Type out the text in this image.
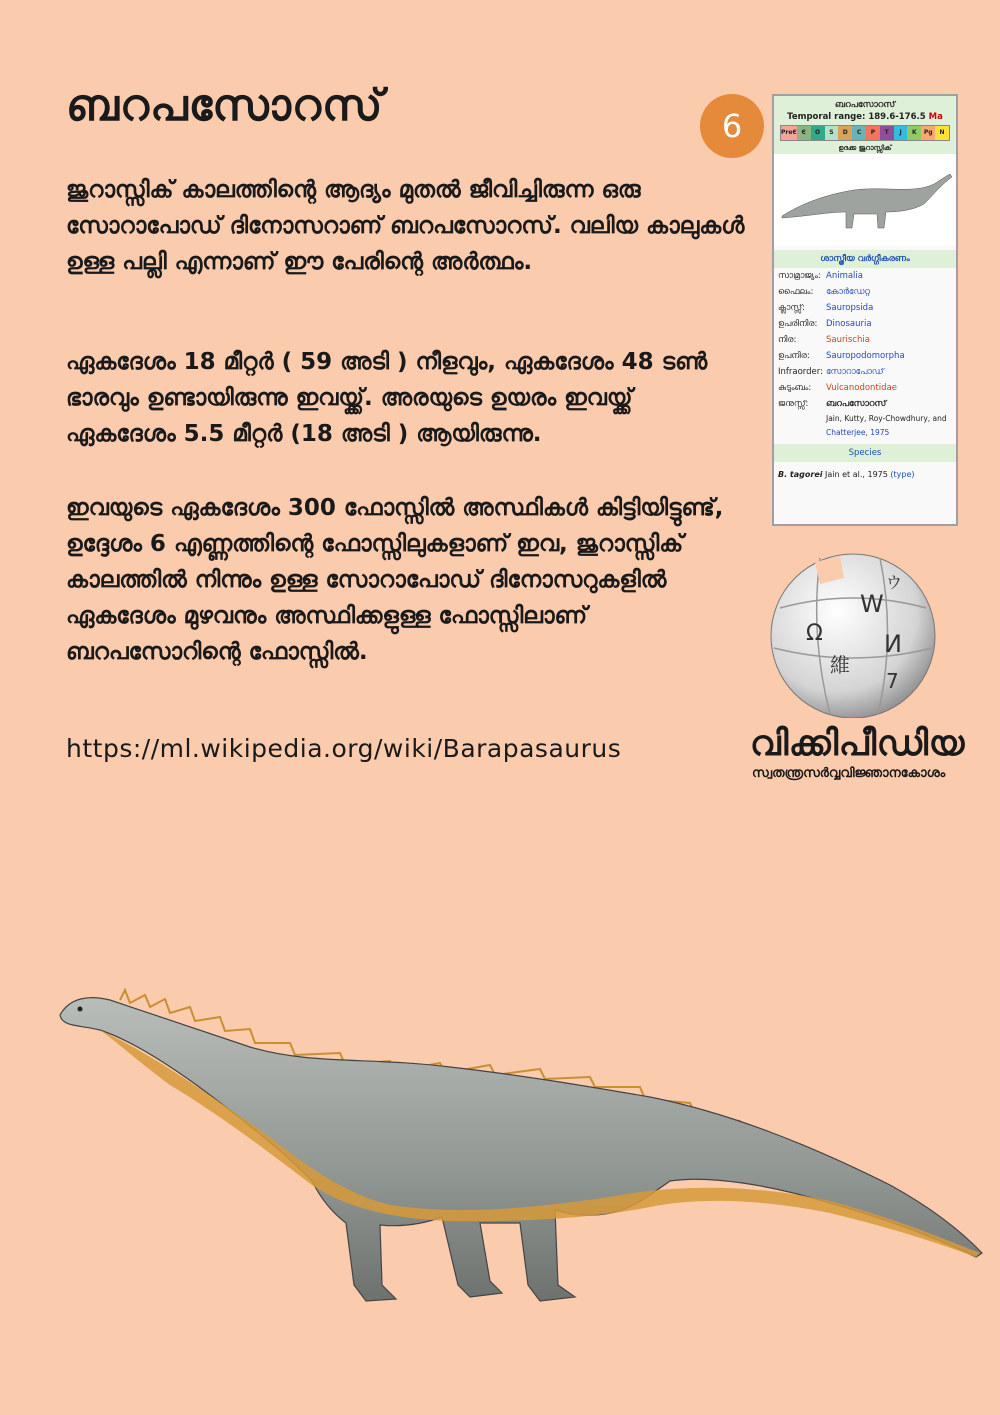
ബറപസോറസ്	6
ജുറാസ്സിക് കാലത്തിന്റെ ആദ്യം മുതൽ ജീവിച്ചിരുന്ന ഒരു സോറാപോഡ് ദിനോസറാണ് ബറപസോറസ്. വലിയ കാലുകൾ ഉള്ള പല്ലി എന്നാണ് ഈ പേരിന്റെ അർത്ഥം.
ഏകദേശം 18 മീറ്റർ ( 59 അടി ) നീളവും, ഏകദേശം 48 ടൺ ഭാരവും ഉണ്ടായിരുന്നു ഇവയ്ക്ക്. അരയുടെ ഉയരം ഇവയ്ക്ക് ഏകദേശം 5.5 മീറ്റർ (18 അടി ) ആയിരുന്നു.
ഇവയുടെ ഏകദേശം 300 ഫോസ്സിൽ അസ്ഥികൾ കിട്ടിയിട്ടുണ്ട്, ഉദ്ദേശം 6 എണ്ണത്തിന്റെ ഫോസ്സിലുകളാണ് ഇവ, ജുറാസ്സിക് കാലത്തിൽ നിന്നും ഉള്ള സോറാപോഡ് ദിനോസറുകളിൽ ഏകദേശം മുഴവനും അസ്ഥിക്കളുള്ള ഫോസ്സിലാണ് ബറപസോറിന്റെ ഫോസ്സിൽ.
https://ml.wikipedia.org/wiki/Barapasaurus
ബറപസോറസ്
Temporal range: 189.6-176.5 Ma
PreЄ Є	O	S	D	C	P	T	J	K	Pg	N
ഉദക്ക ജുറാസ്സിക്
ശാസ്ത്രീയ വർഗ്ഗീകരണം
സാമ്രാജ്യം: Animalia
ഫൈലം:	കോർഡേറ്റ
ക്ലാസ്സ്:	Sauropsida
ഉപരിനിര:	Dinosauria
നിര:	Saurischia
ഉപനിര:	Sauropodomorpha
Infraorder: സോറാപോഡ്
കുടുംബം:	Vulcanodontidae
ജനുസ്സ്:	ബറപസോറസ്
Jain, Kutty, Roy-Chowdhury, and
Chatterjee, 1975
Species
B. tagorei Jain et al., 1975 (type)
Ω
W
И
維
ウ
7
വിക്കിപീഡിയ
സ്വതന്ത്രസർവ്വവിജ്ഞാനകോശം
